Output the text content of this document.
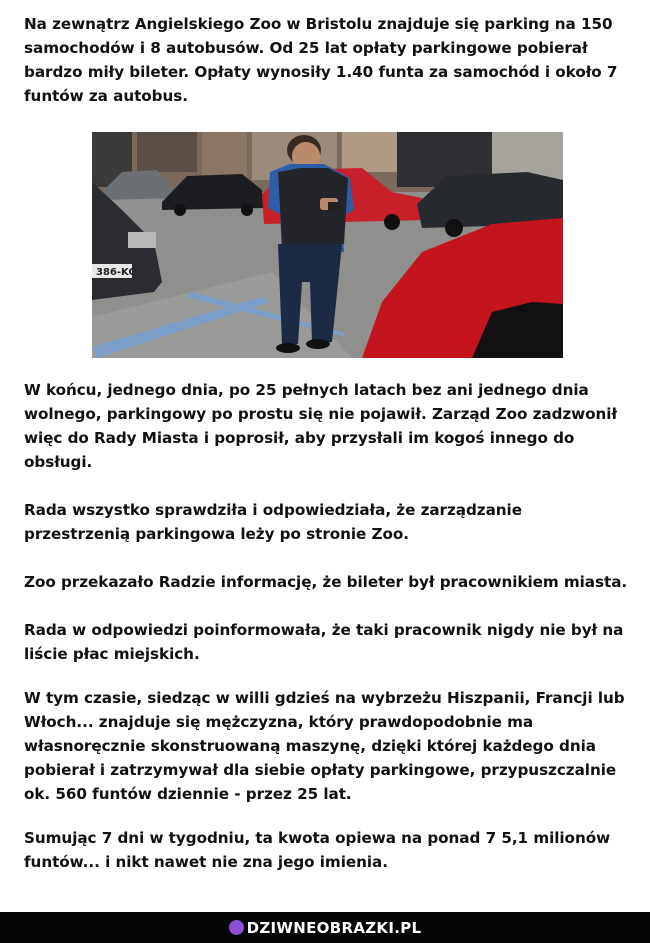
Na zewnątrz Angielskiego Zoo w Bristolu znajduje się parking na 150 samochodów i 8 autobusów. Od 25 lat opłaty parkingowe pobierał bardzo miły bileter. Opłaty wynosiły 1.40 funta za samochód i około 7 funtów za autobus.

386-KC

W końcu, jednego dnia, po 25 pełnych latach bez ani jednego dnia wolnego, parkingowy po prostu się nie pojawił. Zarząd Zoo zadzwonił więc do Rady Miasta i poprosił, aby przysłali im kogoś innego do obsługi.

Rada wszystko sprawdziła i odpowiedziała, że zarządzanie przestrzenią parkingowa leży po stronie Zoo.

Zoo przekazało Radzie informację, że bileter był pracownikiem miasta.

Rada w odpowiedzi poinformowała, że taki pracownik nigdy nie był na liście płac miejskich.

W tym czasie, siedząc w willi gdzieś na wybrzeżu Hiszpanii, Francji lub Włoch... znajduje się mężczyzna, który prawdopodobnie ma własnoręcznie skonstruowaną maszynę, dzięki której każdego dnia pobierał i zatrzymywał dla siebie opłaty parkingowe, przypuszczalnie ok. 560 funtów dziennie - przez 25 lat.

Sumując 7 dni w tygodniu, ta kwota opiewa na ponad 7 5,1 milionów funtów... i nikt nawet nie zna jego imienia.

DZIWNEOBRAZKI.PL
